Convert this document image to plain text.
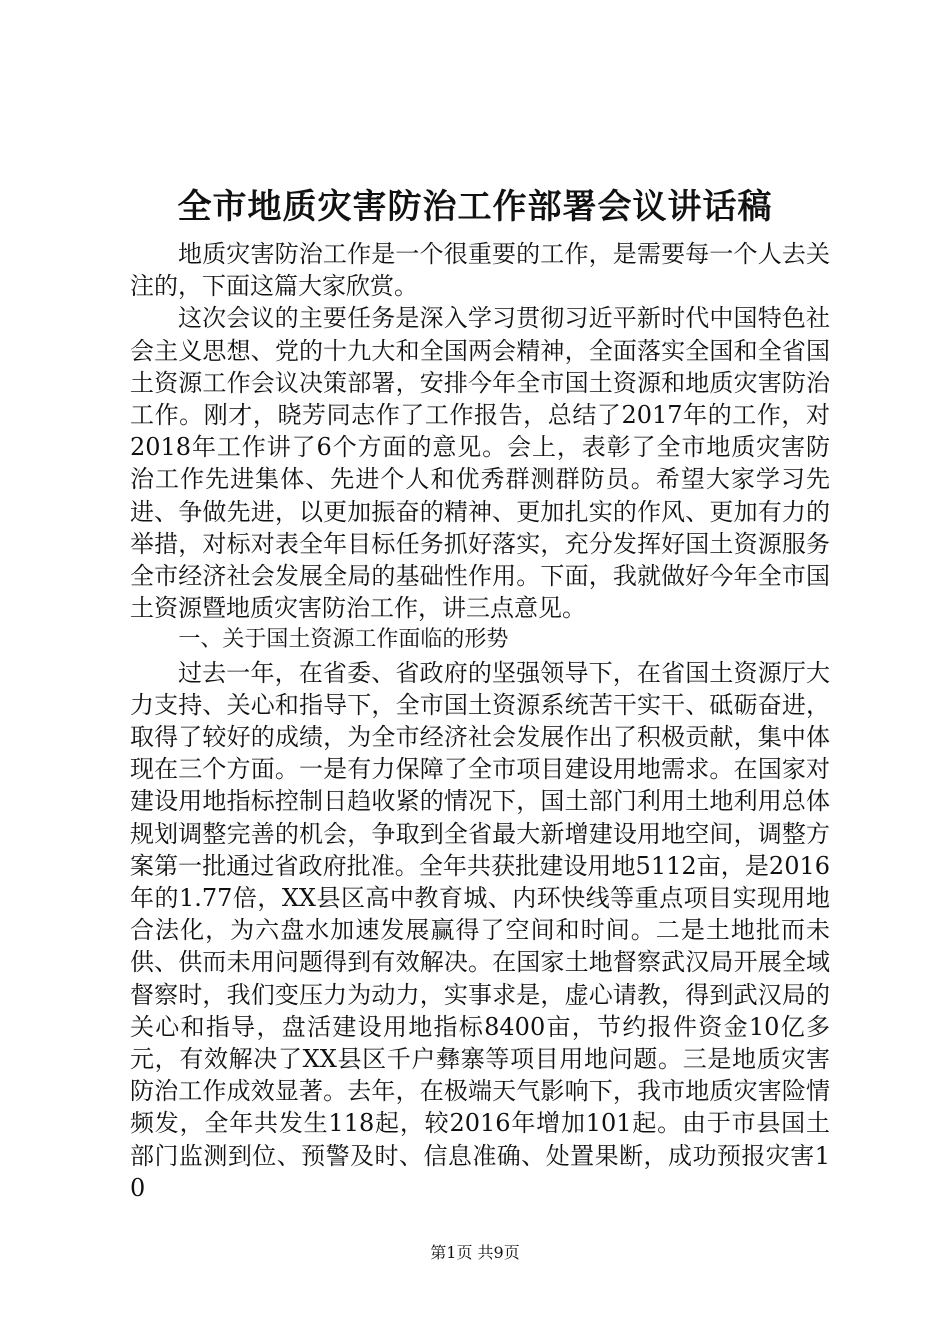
全市地质灾害防治工作部署会议讲话稿

地质灾害防治工作是一个很重要的工作，是需要每一个人去关注的，下面这篇大家欣赏。

这次会议的主要任务是深入学习贯彻习近平新时代中国特色社会主义思想、党的十九大和全国两会精神，全面落实全国和全省国土资源工作会议决策部署，安排今年全市国土资源和地质灾害防治工作。刚才，晓芳同志作了工作报告，总结了2017年的工作，对2018年工作讲了6个方面的意见。会上，表彰了全市地质灾害防治工作先进集体、先进个人和优秀群测群防员。希望大家学习先进、争做先进，以更加振奋的精神、更加扎实的作风、更加有力的举措，对标对表全年目标任务抓好落实，充分发挥好国土资源服务全市经济社会发展全局的基础性作用。下面，我就做好今年全市国土资源暨地质灾害防治工作，讲三点意见。

一、关于国土资源工作面临的形势

过去一年，在省委、省政府的坚强领导下，在省国土资源厅大力支持、关心和指导下，全市国土资源系统苦干实干、砥砺奋进，取得了较好的成绩，为全市经济社会发展作出了积极贡献，集中体现在三个方面。一是有力保障了全市项目建设用地需求。在国家对建设用地指标控制日趋收紧的情况下，国土部门利用土地利用总体规划调整完善的机会，争取到全省最大新增建设用地空间，调整方案第一批通过省政府批准。全年共获批建设用地5112亩，是2016年的1.77倍，XX县区高中教育城、内环快线等重点项目实现用地合法化，为六盘水加速发展赢得了空间和时间。二是土地批而未供、供而未用问题得到有效解决。在国家土地督察武汉局开展全域督察时，我们变压力为动力，实事求是，虚心请教，得到武汉局的关心和指导，盘活建设用地指标8400亩，节约报件资金10亿多元，有效解决了XX县区千户彝寨等项目用地问题。三是地质灾害防治工作成效显著。去年，在极端天气影响下，我市地质灾害险情频发，全年共发生118起，较2016年增加101起。由于市县国土部门监测到位、预警及时、信息准确、处置果断，成功预报灾害10

第1页 共9页
